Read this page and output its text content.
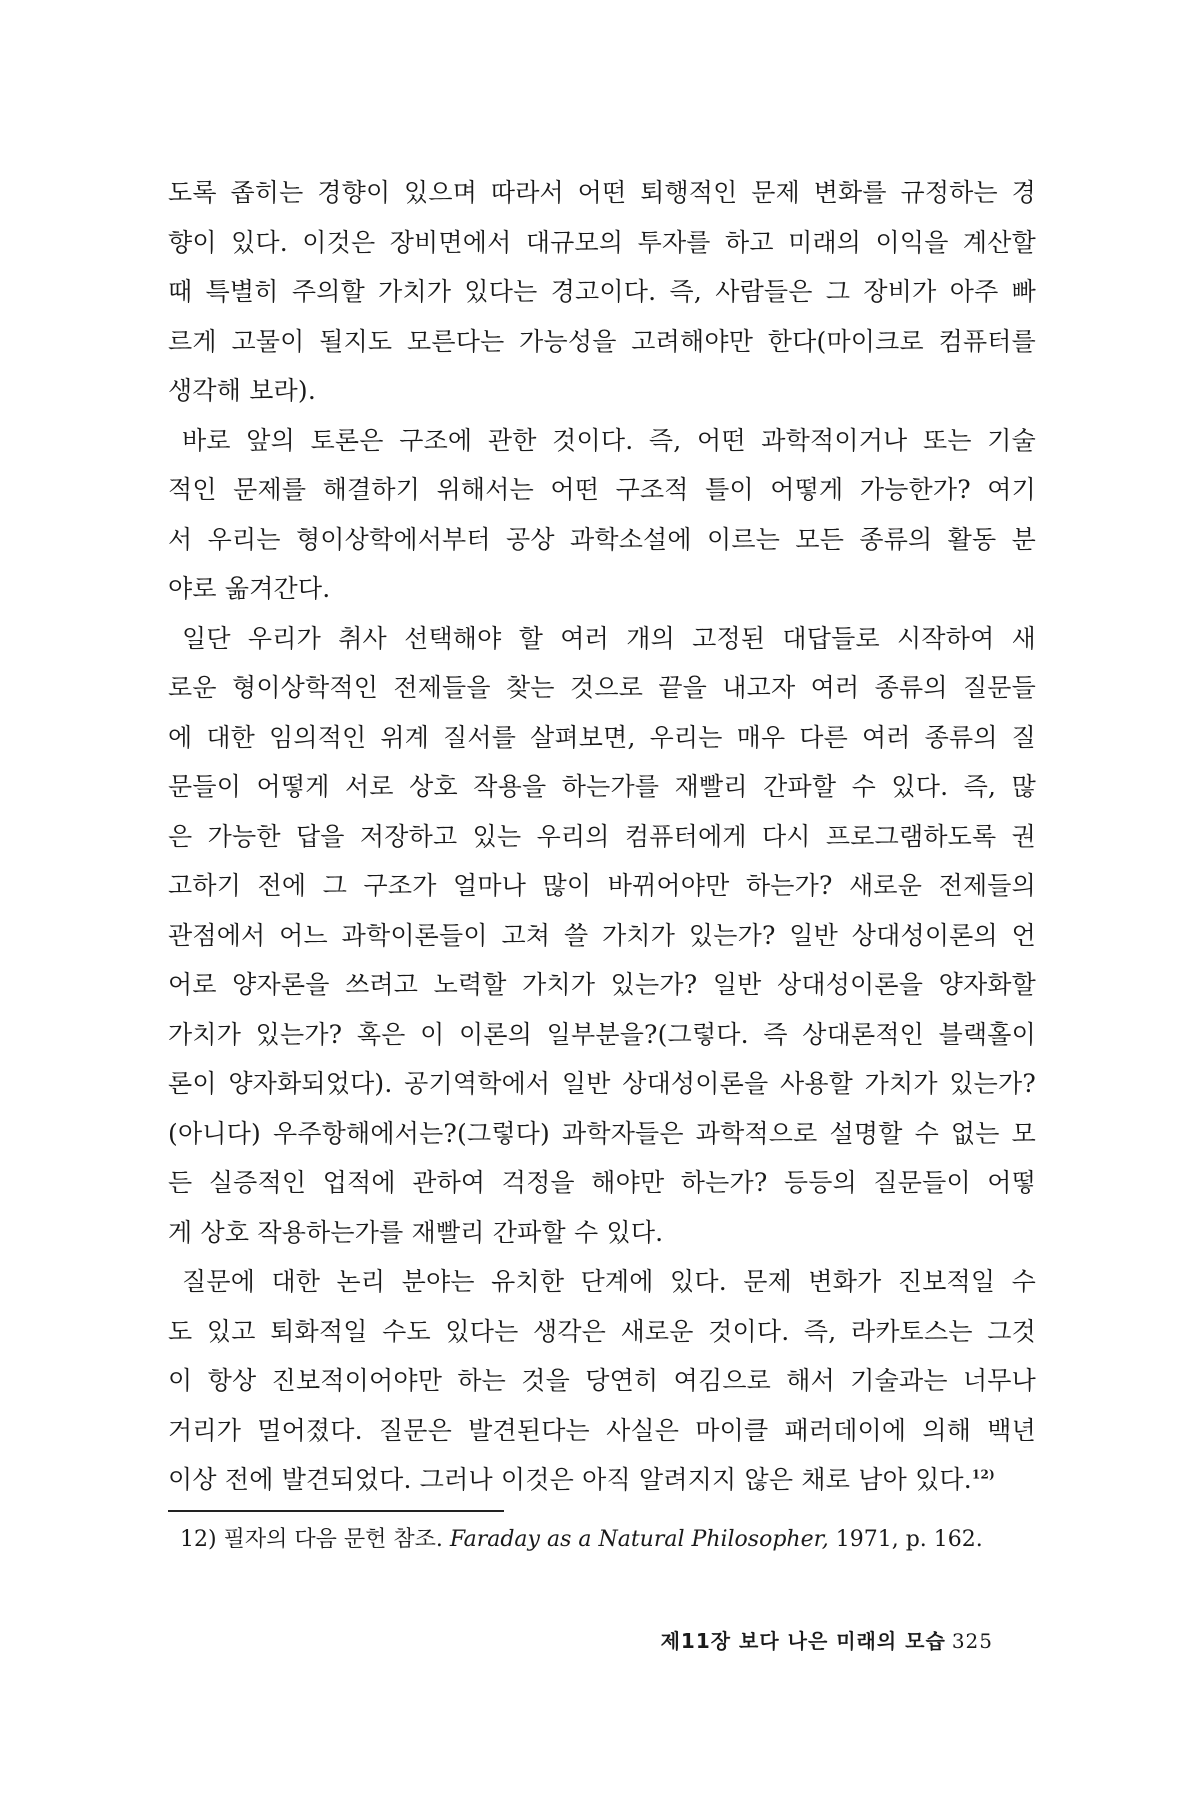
도록 좁히는 경향이 있으며 따라서 어떤 퇴행적인 문제 변화를 규정하는 경
향이 있다. 이것은 장비면에서 대규모의 투자를 하고 미래의 이익을 계산할
때 특별히 주의할 가치가 있다는 경고이다. 즉, 사람들은 그 장비가 아주 빠
르게 고물이 될지도 모른다는 가능성을 고려해야만 한다(마이크로 컴퓨터를
생각해 보라).
바로 앞의 토론은 구조에 관한 것이다. 즉, 어떤 과학적이거나 또는 기술
적인 문제를 해결하기 위해서는 어떤 구조적 틀이 어떻게 가능한가? 여기
서 우리는 형이상학에서부터 공상 과학소설에 이르는 모든 종류의 활동 분
야로 옮겨간다.
일단 우리가 취사 선택해야 할 여러 개의 고정된 대답들로 시작하여 새
로운 형이상학적인 전제들을 찾는 것으로 끝을 내고자 여러 종류의 질문들
에 대한 임의적인 위계 질서를 살펴보면, 우리는 매우 다른 여러 종류의 질
문들이 어떻게 서로 상호 작용을 하는가를 재빨리 간파할 수 있다. 즉, 많
은 가능한 답을 저장하고 있는 우리의 컴퓨터에게 다시 프로그램하도록 권
고하기 전에 그 구조가 얼마나 많이 바뀌어야만 하는가? 새로운 전제들의
관점에서 어느 과학이론들이 고쳐 쓸 가치가 있는가? 일반 상대성이론의 언
어로 양자론을 쓰려고 노력할 가치가 있는가? 일반 상대성이론을 양자화할
가치가 있는가? 혹은 이 이론의 일부분을?(그렇다. 즉 상대론적인 블랙홀이
론이 양자화되었다). 공기역학에서 일반 상대성이론을 사용할 가치가 있는가?
(아니다) 우주항해에서는?(그렇다) 과학자들은 과학적으로 설명할 수 없는 모
든 실증적인 업적에 관하여 걱정을 해야만 하는가? 등등의 질문들이 어떻
게 상호 작용하는가를 재빨리 간파할 수 있다.
질문에 대한 논리 분야는 유치한 단계에 있다. 문제 변화가 진보적일 수
도 있고 퇴화적일 수도 있다는 생각은 새로운 것이다. 즉, 라카토스는 그것
이 항상 진보적이어야만 하는 것을 당연히 여김으로 해서 기술과는 너무나
거리가 멀어졌다. 질문은 발견된다는 사실은 마이클 패러데이에 의해 백년
이상 전에 발견되었다. 그러나 이것은 아직 알려지지 않은 채로 남아 있다.$^{12)}$
12) 필자의 다음 문헌 참조. Faraday as a Natural Philosopher, 1971, p. 162.
제11장 보다 나은 미래의 모습 325
